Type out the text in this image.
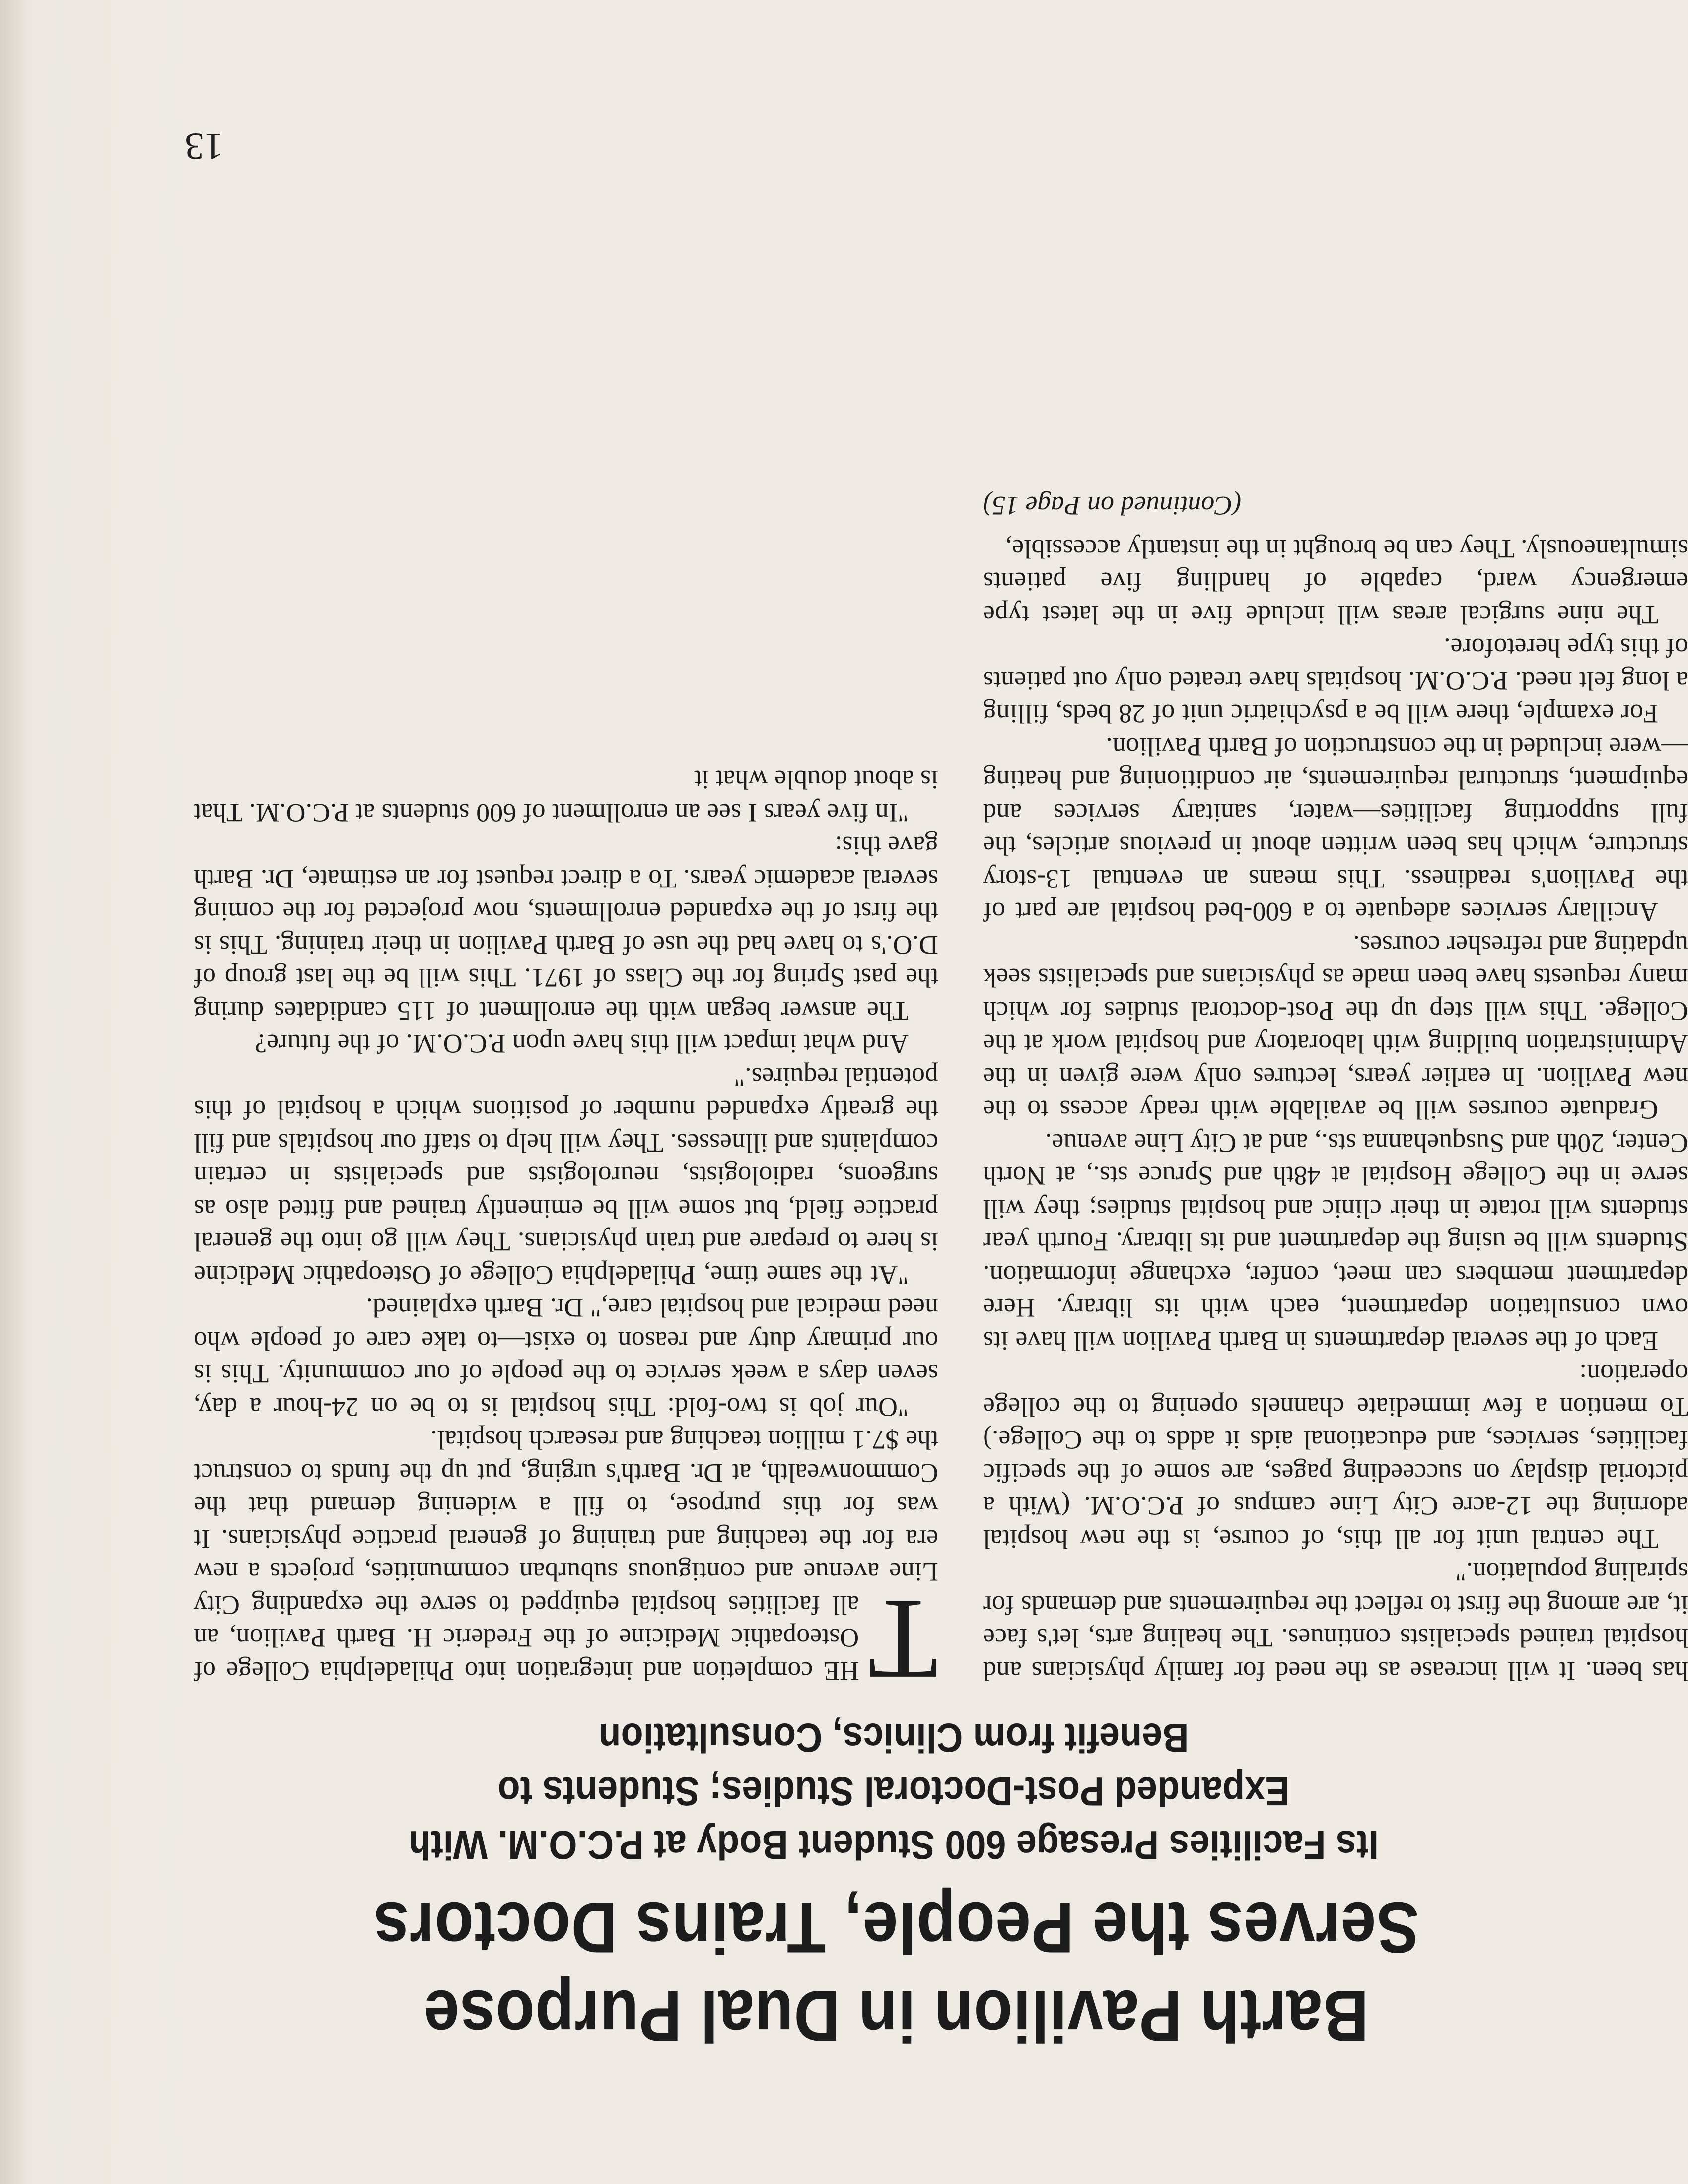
13

Barth Pavilion in Dual Purpose
Serves the People, Trains Doctors
Its Facilities Presage 600 Student Body at P.C.O.M. With
Expanded Post-Doctoral Studies; Students to
Benefit from Clinics, Consultation

T
HE completion and integration into Philadelphia College of Osteopathic Medicine of the Frederic H. Barth Pavilion, an all facilities hospital equipped to serve the expanding City Line avenue and contiguous suburban communities, projects a new era for the teaching and training of general practice physicians. It was for this purpose, to fill a widening demand that the Commonwealth, at Dr. Barth's urging, put up the funds to construct the $7.1 million teaching and research hospital.

"Our job is two-fold: This hospital is to be on 24-hour a day, seven days a week service to the people of our community. This is our primary duty and reason to exist—to take care of people who need medical and hospital care," Dr. Barth explained.

"At the same time, Philadelphia College of Osteopathic Medicine is here to prepare and train physicians. They will go into the general practice field, but some will be eminently trained and fitted also as surgeons, radiologists, neurologists and specialists in certain complaints and illnesses. They will help to staff our hospitals and fill the greatly expanded number of positions which a hospital of this potential requires."

And what impact will this have upon P.C.O.M. of the future?

The answer began with the enrollment of 115 candidates during the past Spring for the Class of 1971. This will be the last group of D.O.'s to have had the use of Barth Pavilion in their training. This is the first of the expanded enrollments, now projected for the coming several academic years. To a direct request for an estimate, Dr. Barth gave this:

"In five years I see an enrollment of 600 students at P.C.O.M. That is about double what it

has been. It will increase as the need for family physicians and hospital trained specialists continues. The healing arts, let's face it, are among the first to reflect the requirements and demands for spiraling population."

The central unit for all this, of course, is the new hospital adorning the 12-acre City Line campus of P.C.O.M. (With a pictorial display on succeeding pages, are some of the specific facilities, services, and educational aids it adds to the College.) To mention a few immediate channels opening to the college operation:

Each of the several departments in Barth Pavilion will have its own consultation department, each with its library. Here department members can meet, confer, exchange information. Students will be using the department and its library. Fourth year students will rotate in their clinic and hospital studies; they will serve in the College Hospital at 48th and Spruce sts., at North Center, 20th and Susquehanna sts., and at City Line avenue.

Graduate courses will be available with ready access to the new Pavilion. In earlier years, lectures only were given in the Administration building with laboratory and hospital work at the College. This will step up the Post-doctoral studies for which many requests have been made as physicians and specialists seek updating and refresher courses.

Ancillary services adequate to a 600-bed hospital are part of the Pavilion's readiness. This means an eventual 13-story structure, which has been written about in previous articles, the full supporting facilities—water, sanitary services and equipment, structural requirements, air conditioning and heating—were included in the construction of Barth Pavilion.

For example, there will be a psychiatric unit of 28 beds, filling a long felt need. P.C.O.M. hospitals have treated only out patients of this type heretofore.

The nine surgical areas will include five in the latest type emergency ward, capable of handling five patients simultaneously. They can be brought in the instantly accessible,

(Continued on Page 15)
